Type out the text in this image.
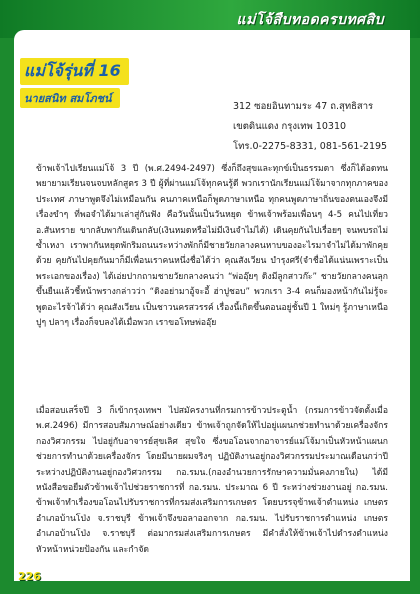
แม่โจ้สืบทอดครบทศสิบ
แม่โจ้รุ่นที่ 16
นายสนิท สมโภชน์
312 ซอยอินทามระ 47 ถ.สุทธิสาร
เขตดินแดง กรุงเทพ 10310
โทร.0-2275-8331, 081-561-2195

ข้าพเจ้าไปเรียนแม่โจ้ 3 ปี (พ.ศ.2494-2497) ซึ่งก็ถึงสุขและทุกข์เป็นธรรมดา ซึ่งก็ได้อดทนพยายามเรียนจนจบหลักสูตร 3 ปี ผู้ที่ผ่านแม่โจ้ทุกคนรู้ดี พวกเรานักเรียนแม่โจ้มาจากทุกภาคของประเทศ ภาษาพูดจึงไม่เหมือนกัน คนภาคเหนือก็พูดภาษาเหนือ ทุกคนพูดภาษาถิ่นของตนเองจึงมีเรื่องขำๆ ที่พอจำได้มาเล่าสู่กันฟัง คือวันนั้นเป็นวันหยุด ข้าพเจ้าพร้อมเพื่อนๆ 4-5 คนไปเที่ยว อ.สันทราย ขากลับพากันเดินกลับ(เงินหมดหรือไม่มีเงินจำไม่ได้) เดินคุยกันไปเรื่อยๆ จนพบรถไม่ซ้ำเหงา เราพากันหยุดพักริมถนนระหว่างพักก็มีชายวัยกลางคนหาบของอะไรมาจำไม่ได้มาพักคุยด้วย คุยกันไปคุยกันมาก็มีเพื่อนเราคนหนึ่งชื่อได้ว่า คุณสังเวียน บำรุงศรี(จำชื่อได้แน่นเพราะเป็นพระเอกของเรื่อง) ได้เอ่ยปากถามชายวัยกลางคนว่า “พ่ออุ๊ยๆ ดิงมีลูกสาวก๊ะ” ชายวัยกลางคนลุกขึ้นยืนแล้วชี้หน้าพรางกล่าวว่า “ดิงอย่ามาอู้จะอี้ ฮ่าปูชอบ” พวกเรา 3-4 คนก็มองหน้ากันไม่รู้จะพูดอะไรจ้าได้ว่า คุณสังเวียน เป็นชาวนครสวรรค์ เรื่องนี้เกิดขึ้นตอนอยู่ชั้นปี 1 ใหม่ๆ รู้ภาษาเหนือปูๆ ปลาๆ เรื่องก็จบลงได้เมื่อพวก เราขอโทษพ่ออุ๊ย

เมื่อสอบเสร็จปี 3 ก็เข้ากรุงเทพฯ ไปสมัครงานที่กรมการข้าวประตูน้ำ (กรมการข้าวจัดตั้งเมื่อ พ.ศ.2496) มีการสอบสัมภาษณ์อย่างเดียว ข้าพเจ้าถูกจัดให้ไปอยู่แผนกช่วยทำนาด้วยเครื่องจักร กองวิศวกรรม ไปอยู่กับอาจารย์สุขเลิศ สุขใจ ซึ่งขอโอนจากอาจารย์แม่โจ้มาเป็นหัวหน้าแผนกช่วยการทำนาด้วยเครื่องจักร โดยมีนายผมจริงๆ ปฏิบัติงานอยู่กองวิศวกรรมประมาณเดือนกว่าปี ระหว่างปฏิบัติงานอยู่กองวิศวกรรม กอ.รมน.(กองอำนวยการรักษาความมั่นคงภายใน) ได้มีหนังสือขอยืมตัวข้าพเจ้าไปช่วยราชการที่ กอ.รมน. ประมาณ 6 ปี ระหว่างช่วยงานอยู่ กอ.รมน. ข้าพเจ้าทำเรื่องขอโอนไปรับราชการที่กรมส่งเสริมการเกษตร โดยบรรจุข้าพเจ้าตำแหน่ง เกษตรอำเภอบ้านโป่ง จ.ราชบุรี ข้าพเจ้าจึงขอลาออกจาก กอ.รมน. ไปรับราชการตำแหน่ง เกษตรอำเภอบ้านโป่ง จ.ราชบุรี ต่อมากรมส่งเสริมการเกษตร มีคำสั่งให้ข้าพเจ้าไปดำรงตำแหน่ง หัวหน้าหน่วยป้องกัน และกำจัด

226
